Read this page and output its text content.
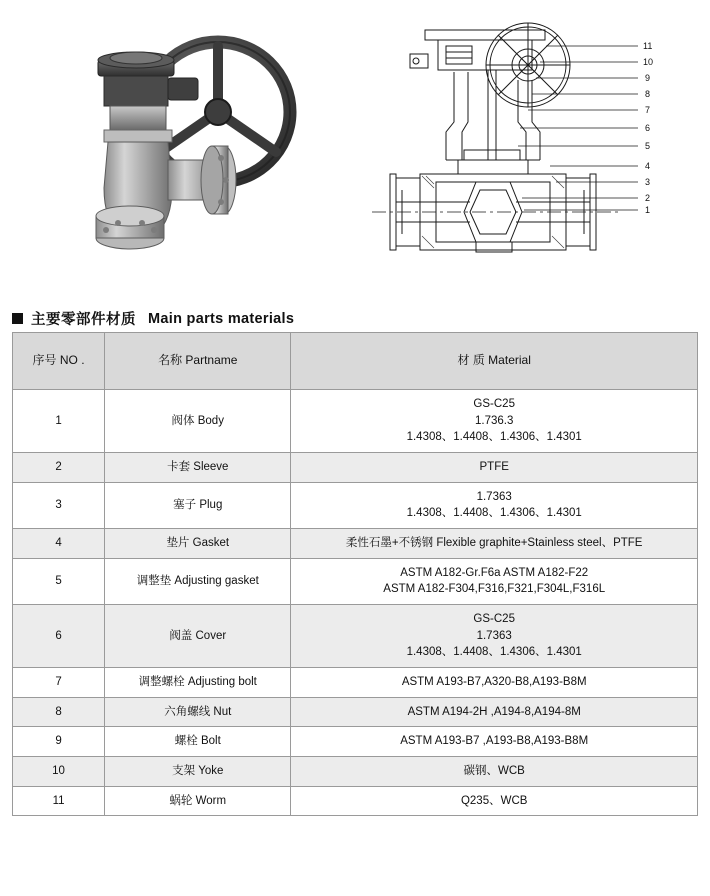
11
10
9
8
7
6
5
4
3
2
1
主要零部件材质 Main parts materials
序号 NO .	名称 Partname	材 质 Material
1	阀体 Body	GS-C25
1.736.3
1.4308、1.4408、1.4306、1.4301

2	卡套 Sleeve	PTFE

3	塞子 Plug	1.7363
1.4308、1.4408、1.4306、1.4301

4	垫片 Gasket	柔性石墨+不锈钢 Flexible graphite+Stainless steel、PTFE

5	调整垫 Adjusting gasket	ASTM A182-Gr.F6a ASTM A182-F22
ASTM A182-F304,F316,F321,F304L,F316L

6	阀盖 Cover	GS-C25
1.7363
1.4308、1.4408、1.4306、1.4301

7	调整螺栓 Adjusting bolt	ASTM A193-B7,A320-B8,A193-B8M

8	六角螺线 Nut	ASTM A194-2H ,A194-8,A194-8M

9	螺栓 Bolt	ASTM A193-B7 ,A193-B8,A193-B8M

10	支架 Yoke	碳钢、WCB

11	蜗轮 Worm	Q235、WCB
